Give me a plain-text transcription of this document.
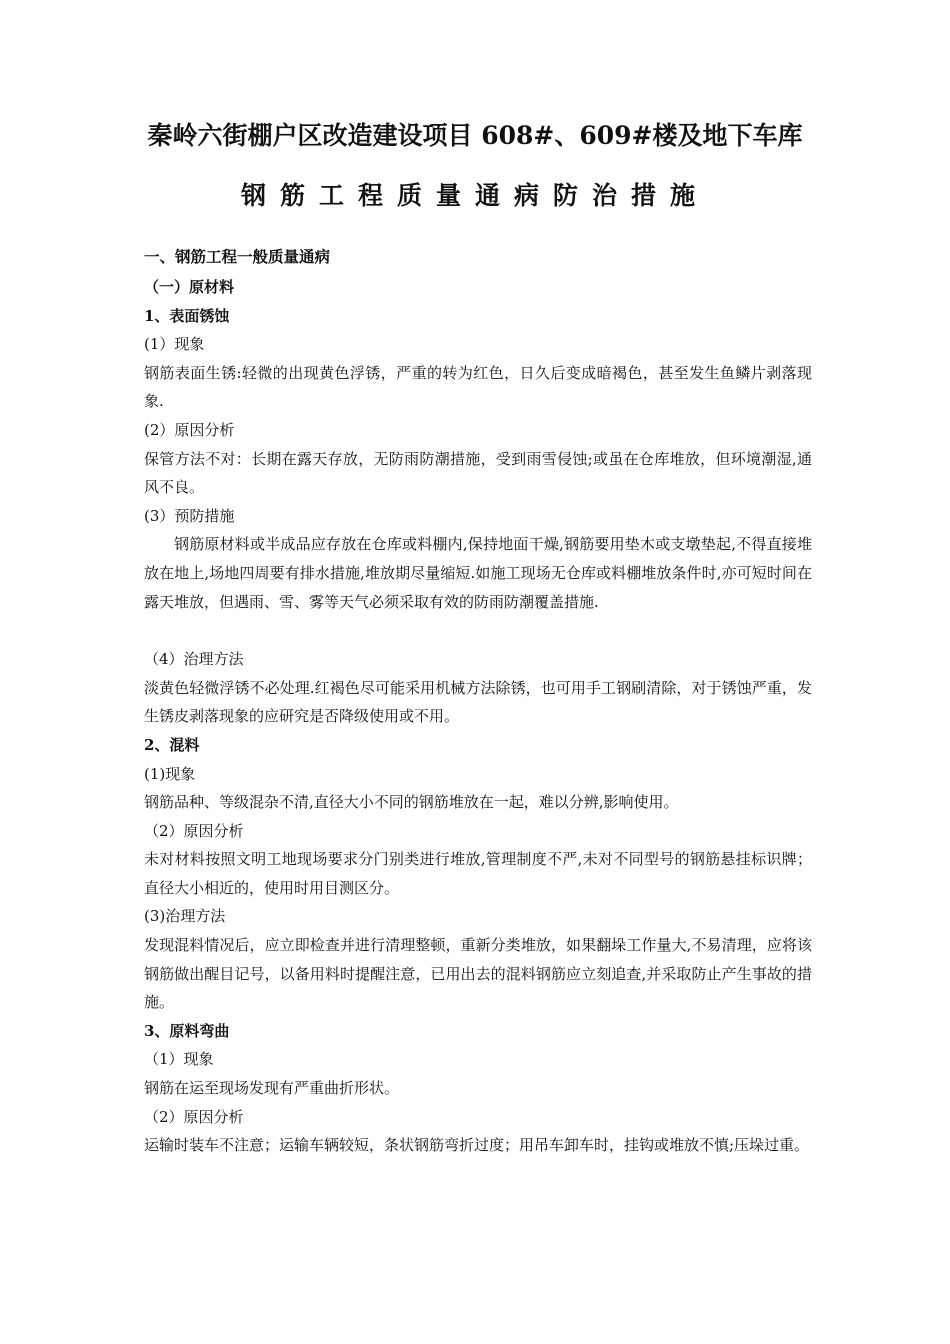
秦岭六街棚户区改造建设项目 608#、609#楼及地下车库
钢筋工程质量通病防治措施

一、钢筋工程一般质量通病

（一）原材料

1、表面锈蚀

(1）现象

钢筋表面生锈:轻微的出现黄色浮锈，严重的转为红色，日久后变成暗褐色，甚至发生鱼鳞片剥落现象.

(2）原因分析

保管方法不对：长期在露天存放，无防雨防潮措施，受到雨雪侵蚀;或虽在仓库堆放，但环境潮湿,通风不良。

(3）预防措施

钢筋原材料或半成品应存放在仓库或料棚内,保持地面干燥,钢筋要用垫木或支墩垫起,不得直接堆放在地上,场地四周要有排水措施,堆放期尽量缩短.如施工现场无仓库或料棚堆放条件时,亦可短时间在露天堆放，但遇雨、雪、雾等天气必须采取有效的防雨防潮覆盖措施.

（4）治理方法

淡黄色轻微浮锈不必处理.红褐色尽可能采用机械方法除锈，也可用手工钢刷清除，对于锈蚀严重，发生锈皮剥落现象的应研究是否降级使用或不用。

2、混料

(1)现象

钢筋品种、等级混杂不清,直径大小不同的钢筋堆放在一起，难以分辨,影响使用。

（2）原因分析

未对材料按照文明工地现场要求分门别类进行堆放,管理制度不严,未对不同型号的钢筋悬挂标识牌；直径大小相近的，使用时用目测区分。

(3)治理方法

发现混料情况后，应立即检查并进行清理整顿，重新分类堆放，如果翻垛工作量大,不易清理，应将该钢筋做出醒目记号，以备用料时提醒注意，已用出去的混料钢筋应立刻追查,并采取防止产生事故的措施。

3、原料弯曲

（1）现象

钢筋在运至现场发现有严重曲折形状。

（2）原因分析

运输时装车不注意；运输车辆较短，条状钢筋弯折过度；用吊车卸车时，挂钩或堆放不慎;压垛过重。
